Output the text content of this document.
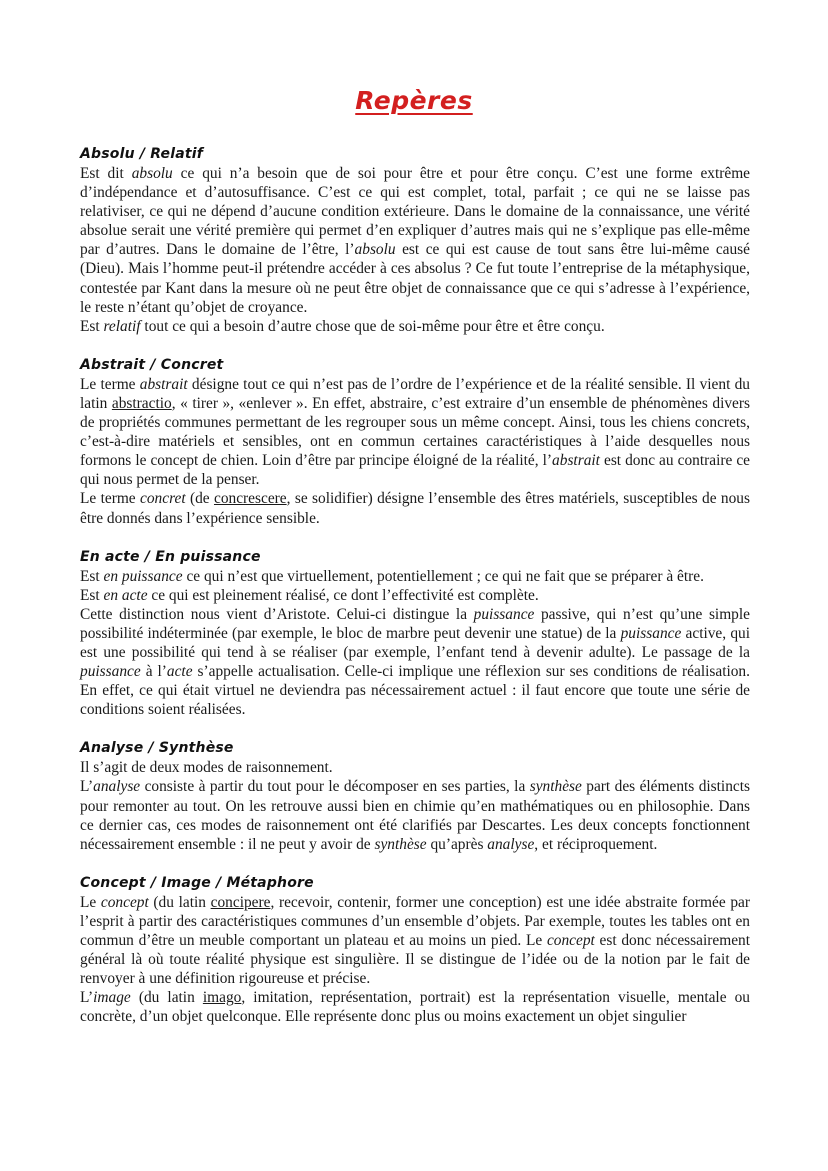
Repères
Absolu / Relatif

Est dit absolu ce qui n’a besoin que de soi pour être et pour être conçu. C’est une forme extrême d’indépendance et d’autosuffisance. C’est ce qui est complet, total, parfait ; ce qui ne se laisse pas relativiser, ce qui ne dépend d’aucune condition extérieure. Dans le domaine de la connaissance, une vérité absolue serait une vérité première qui permet d’en expliquer d’autres mais qui ne s’explique pas elle-même par d’autres. Dans le domaine de l’être, l’absolu est ce qui est cause de tout sans être lui-même causé (Dieu). Mais l’homme peut-il prétendre accéder à ces absolus ? Ce fut toute l’entreprise de la métaphysique, contestée par Kant dans la mesure où ne peut être objet de connaissance que ce qui s’adresse à l’expérience, le reste n’étant qu’objet de croyance.

Est relatif tout ce qui a besoin d’autre chose que de soi-même pour être et être conçu.

Abstrait / Concret

Le terme abstrait désigne tout ce qui n’est pas de l’ordre de l’expérience et de la réalité sensible. Il vient du latin abstractio, « tirer », «enlever ». En effet, abstraire, c’est extraire d’un ensemble de phénomènes divers de propriétés communes permettant de les regrouper sous un même concept. Ainsi, tous les chiens concrets, c’est-à-dire matériels et sensibles, ont en commun certaines caractéristiques à l’aide desquelles nous formons le concept de chien. Loin d’être par principe éloigné de la réalité, l’abstrait est donc au contraire ce qui nous permet de la penser.

Le terme concret (de concrescere, se solidifier) désigne l’ensemble des êtres matériels, susceptibles de nous être donnés dans l’expérience sensible.

En acte / En puissance

Est en puissance ce qui n’est que virtuellement, potentiellement ; ce qui ne fait que se préparer à être.

Est en acte ce qui est pleinement réalisé, ce dont l’effectivité est complète.

Cette distinction nous vient d’Aristote. Celui-ci distingue la puissance passive, qui n’est qu’une simple possibilité indéterminée (par exemple, le bloc de marbre peut devenir une statue) de la puissance active, qui est une possibilité qui tend à se réaliser (par exemple, l’enfant tend à devenir adulte). Le passage de la puissance à l’acte s’appelle actualisation. Celle-ci implique une réflexion sur ses conditions de réalisation. En effet, ce qui était virtuel ne deviendra pas nécessairement actuel : il faut encore que toute une série de conditions soient réalisées.

Analyse / Synthèse

Il s’agit de deux modes de raisonnement.

L’analyse consiste à partir du tout pour le décomposer en ses parties, la synthèse part des éléments distincts pour remonter au tout. On les retrouve aussi bien en chimie qu’en mathématiques ou en philosophie. Dans ce dernier cas, ces modes de raisonnement ont été clarifiés par Descartes. Les deux concepts fonctionnent nécessairement ensemble : il ne peut y avoir de synthèse qu’après analyse, et réciproquement.

Concept / Image / Métaphore

Le concept (du latin concipere, recevoir, contenir, former une conception) est une idée abstraite formée par l’esprit à partir des caractéristiques communes d’un ensemble d’objets. Par exemple, toutes les tables ont en commun d’être un meuble comportant un plateau et au moins un pied. Le concept est donc nécessairement général là où toute réalité physique est singulière. Il se distingue de l’idée ou de la notion par le fait de renvoyer à une définition rigoureuse et précise.

L’image (du latin imago, imitation, représentation, portrait) est la représentation visuelle, mentale ou concrète, d’un objet quelconque. Elle représente donc plus ou moins exactement un objet singulier
